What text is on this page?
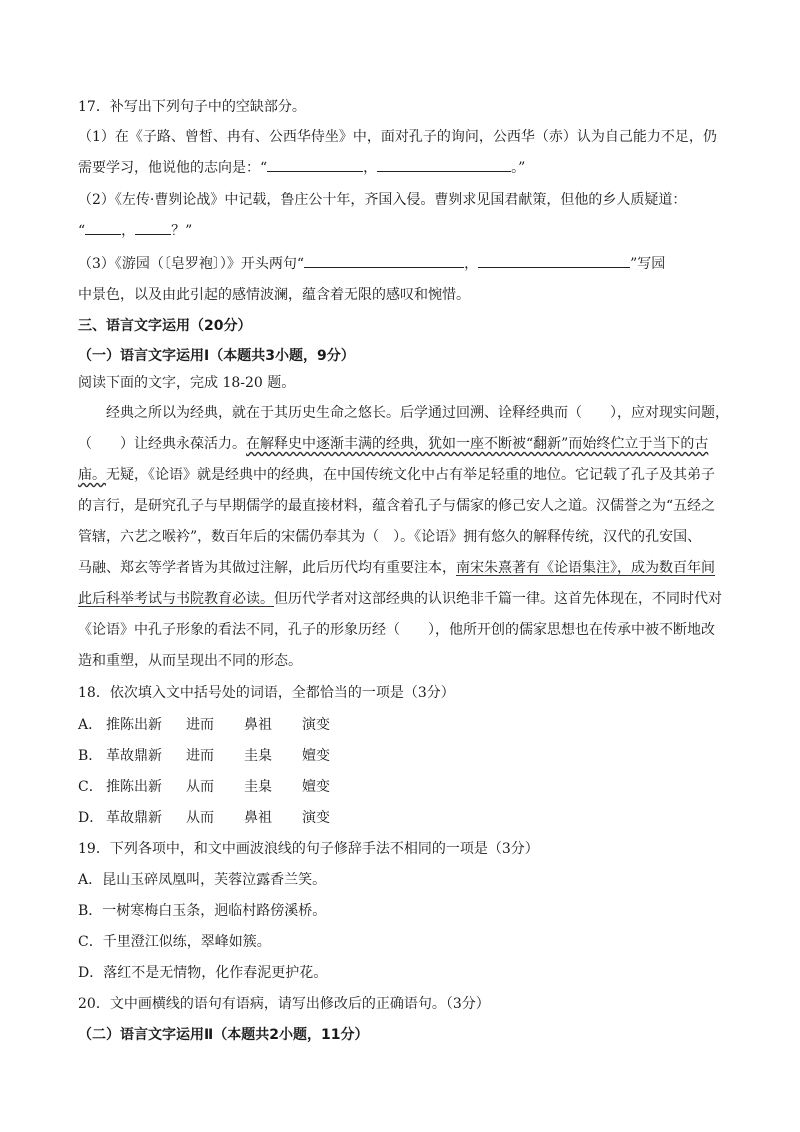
17．补写出下列句子中的空缺部分。
（1）在《子路、曾皙、冉有、公西华侍坐》中，面对孔子的询问，公西华（赤）认为自己能力不足，仍
需要学习，他说他的志向是：“	，	。”
（2）《左传·曹刿论战》中记载，鲁庄公十年，齐国入侵。曹刿求见国君献策，但他的乡人质疑道：
“	，	？”
（3）《游园（〔皂罗袍〕）》开头两句“	，	”写园
中景色，以及由此引起的感情波澜，蕴含着无限的感叹和惋惜。
三、语言文字运用（20分）
（一）语言文字运用Ⅰ（本题共3小题，9分）
阅读下面的文字，完成 18-20 题。
经典之所以为经典，就在于其历史生命之悠长。后学通过回溯、诠释经典而（　　），应对现实问题，
（　　）让经典永葆活力。在解释史中逐渐丰满的经典，犹如一座不断被“翻新”而始终伫立于当下的古
庙。无疑，《论语》就是经典中的经典，在中国传统文化中占有举足轻重的地位。它记载了孔子及其弟子
的言行，是研究孔子与早期儒学的最直接材料，蕴含着孔子与儒家的修己安人之道。汉儒誉之为“五经之
管辖，六艺之喉衿”，数百年后的宋儒仍奉其为（　）。《论语》拥有悠久的解释传统，汉代的孔安国、
马融、郑玄等学者皆为其做过注解，此后历代均有重要注本，南宋朱熹著有《论语集注》，成为数百年间
此后科举考试与书院教育必读。但历代学者对这部经典的认识绝非千篇一律。这首先体现在，不同时代对
《论语》中孔子形象的看法不同，孔子的形象历经（　　），他所开创的儒家思想也在传承中被不断地改
造和重塑，从而呈现出不同的形态。
18．依次填入文中括号处的词语，全都恰当的一项是（3分）
A． 推陈出新 进而 鼻祖 演变
B． 革故鼎新 进而 圭臬 嬗变
C． 推陈出新 从而 圭臬 嬗变
D． 革故鼎新 从而 鼻祖 演变
19．下列各项中，和文中画波浪线的句子修辞手法不相同的一项是（3分）
A．昆山玉碎凤凰叫，芙蓉泣露香兰笑。
B．一树寒梅白玉条，迥临村路傍溪桥。
C．千里澄江似练，翠峰如簇。
D．落红不是无情物，化作春泥更护花。
20．文中画横线的语句有语病，请写出修改后的正确语句。（3分）
（二）语言文字运用Ⅱ（本题共2小题，11分）
